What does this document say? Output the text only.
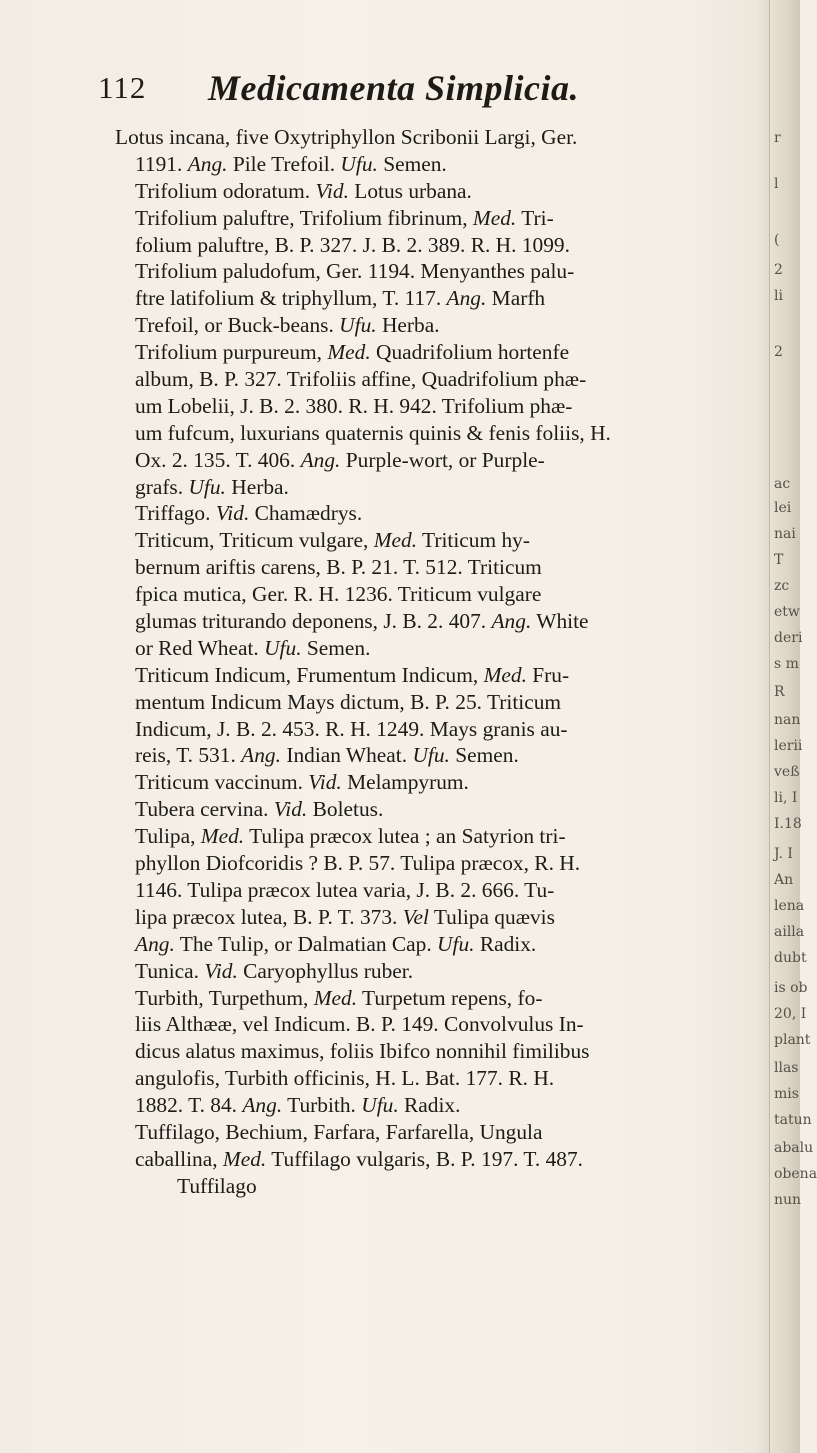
112 Medicamenta Simplicia.
Lotus incana, five Oxytriphyllon Scribonii Largi, Ger.
1191. Ang. Pile Trefoil. Ufu. Semen.
Trifolium odoratum. Vid. Lotus urbana.
Trifolium paluftre, Trifolium fibrinum, Med. Tri-
folium paluftre, B. P. 327. J. B. 2. 389. R. H. 1099.
Trifolium paludofum, Ger. 1194. Menyanthes palu-
ftre latifolium & triphyllum, T. 117. Ang. Marfh
Trefoil, or Buck-beans. Ufu. Herba.
Trifolium purpureum, Med. Quadrifolium hortenfe
album, B. P. 327. Trifoliis affine, Quadrifolium phæ-
um Lobelii, J. B. 2. 380. R. H. 942. Trifolium phæ-
um fufcum, luxurians quaternis quinis & fenis foliis, H.
Ox. 2. 135. T. 406. Ang. Purple-wort, or Purple-
grafs. Ufu. Herba.
Triffago. Vid. Chamædrys.
Triticum, Triticum vulgare, Med. Triticum hy-
bernum ariftis carens, B. P. 21. T. 512. Triticum
fpica mutica, Ger. R. H. 1236. Triticum vulgare
glumas triturando deponens, J. B. 2. 407. Ang. White
or Red Wheat. Ufu. Semen.
Triticum Indicum, Frumentum Indicum, Med. Fru-
mentum Indicum Mays dictum, B. P. 25. Triticum
Indicum, J. B. 2. 453. R. H. 1249. Mays granis au-
reis, T. 531. Ang. Indian Wheat. Ufu. Semen.
Triticum vaccinum. Vid. Melampyrum.
Tubera cervina. Vid. Boletus.
Tulipa, Med. Tulipa præcox lutea ; an Satyrion tri-
phyllon Diofcoridis ? B. P. 57. Tulipa præcox, R. H.
1146. Tulipa præcox lutea varia, J. B. 2. 666. Tu-
lipa præcox lutea, B. P. T. 373. Vel Tulipa quævis
Ang. The Tulip, or Dalmatian Cap. Ufu. Radix.
Tunica. Vid. Caryophyllus ruber.
Turbith, Turpethum, Med. Turpetum repens, fo-
liis Althææ, vel Indicum. B. P. 149. Convolvulus In-
dicus alatus maximus, foliis Ibifco nonnihil fimilibus
angulofis, Turbith officinis, H. L. Bat. 177. R. H.
1882. T. 84. Ang. Turbith. Ufu. Radix.
Tuffilago, Bechium, Farfara, Farfarella, Ungula
caballina, Med. Tuffilago vulgaris, B. P. 197. T. 487.
Tuffilago
r
l
(
2
li
2
ac
lei
nai
T
zc
etw
deri
s m
R
nan
lerii
veß
li, I
I.18
J. I
An
lena
ailla
dubt
is ob
20, I
plant
llas
mis
tatun
abalu
obena
nun
